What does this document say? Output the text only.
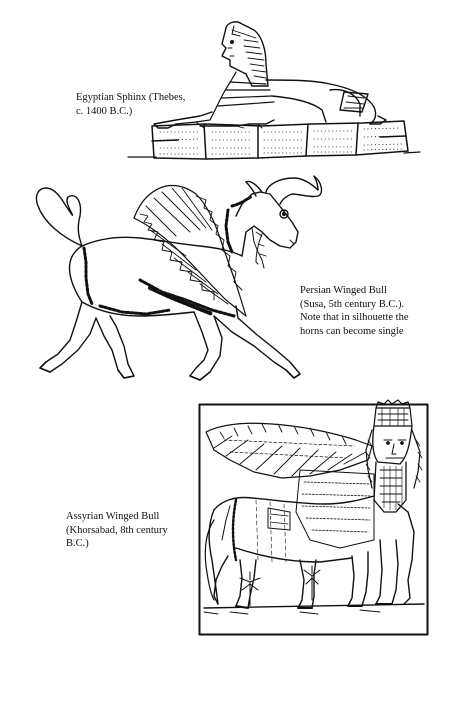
Egyptian Sphinx (Thebes,
c. 1400 B.C.)
Persian Winged Bull
(Susa, 5th century B.C.).
Note that in silhouette the
horns can become single
Assyrian Winged Bull
(Khorsabad, 8th century
B.C.)
